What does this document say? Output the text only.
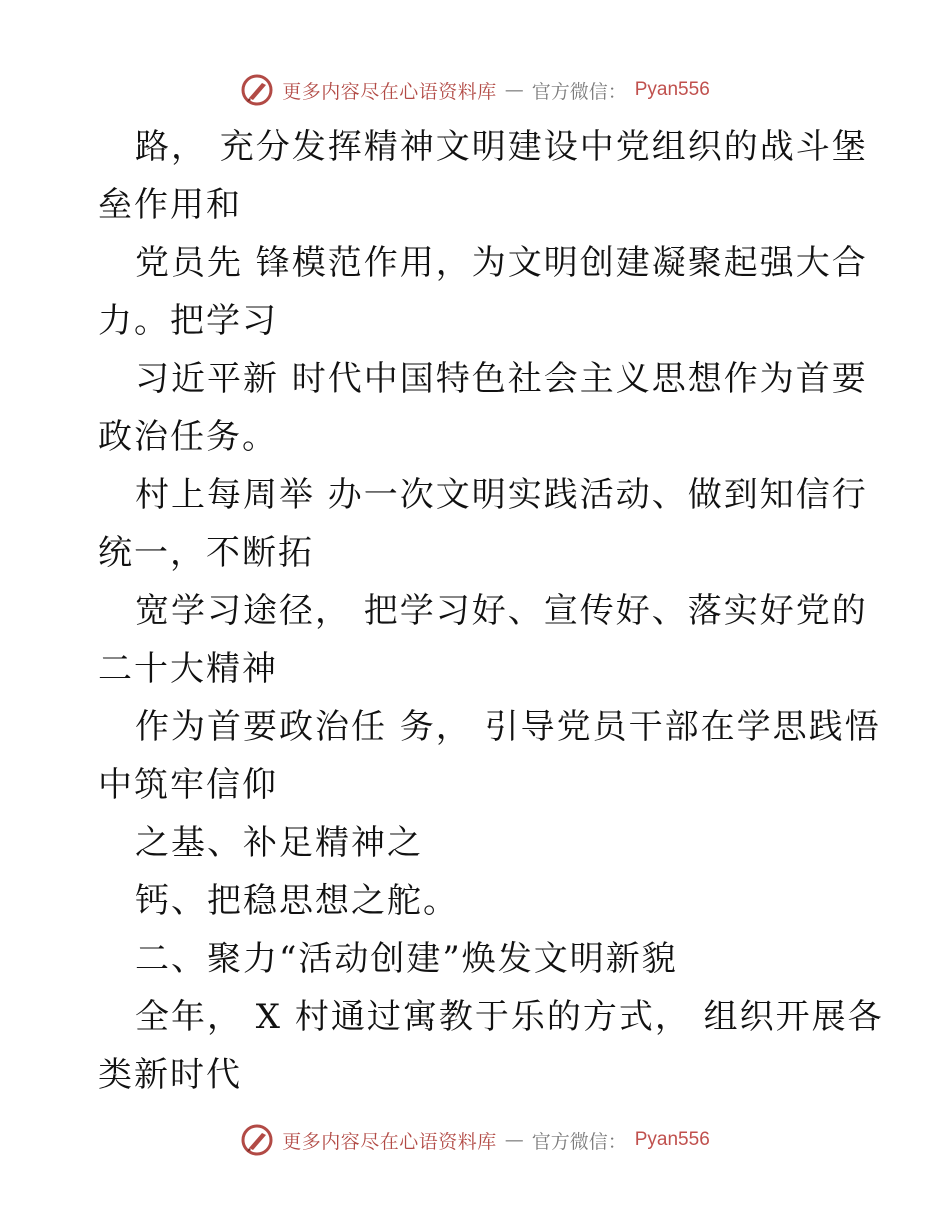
更多内容尽在心语资料库 — 官方微信： Pyan556
路， 充分发挥精神文明建设中党组织的战斗堡
垒作用和
党员先 锋模范作用，为文明创建凝聚起强大合
力。把学习
习近平新 时代中国特色社会主义思想作为首要
政治任务。
村上每周举 办一次文明实践活动、做到知信行
统一，不断拓
宽学习途径， 把学习好、宣传好、落实好党的
二十大精神
作为首要政治任 务， 引导党员干部在学思践悟
中筑牢信仰
之基、补足精神之
钙、把稳思想之舵。
二、聚力“活动创建”焕发文明新貌
全年， X 村通过寓教于乐的方式， 组织开展各
类新时代
更多内容尽在心语资料库 — 官方微信： Pyan556
